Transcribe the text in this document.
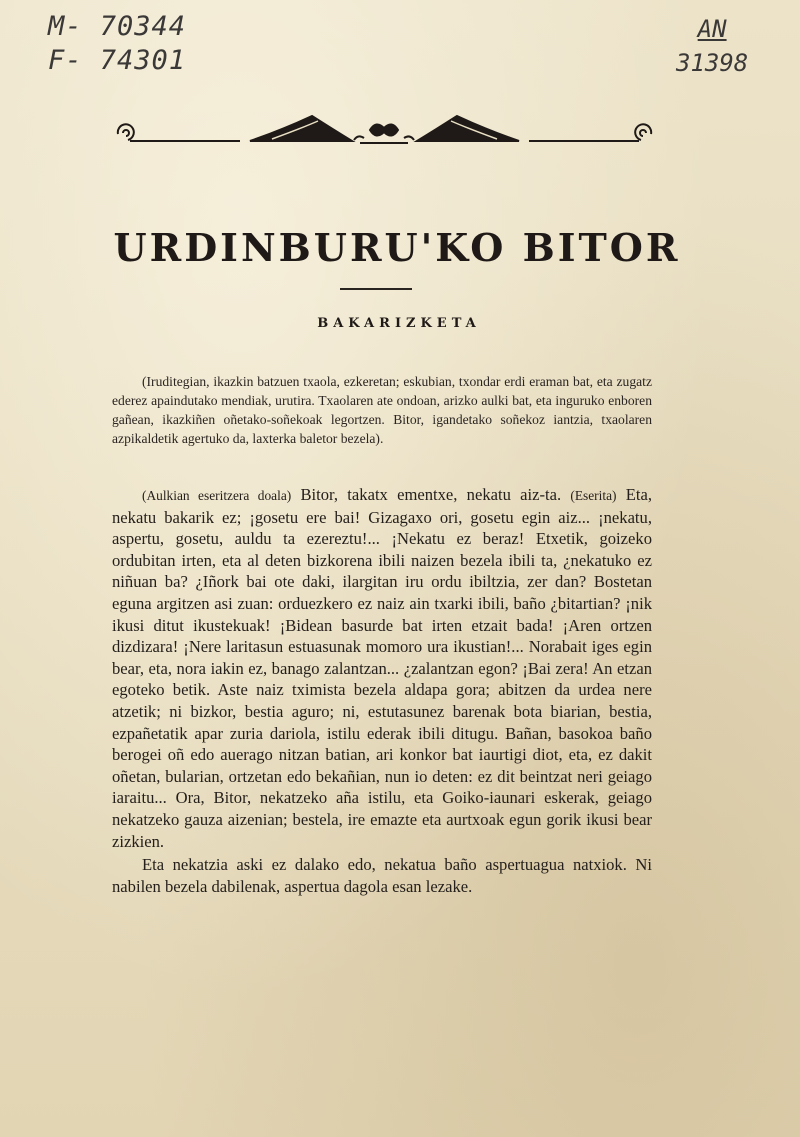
M- 70344
F- 74301
AN
31398
URDINBURU'KO BITOR
BAKARIZKETA

(Iruditegian, ikazkin batzuen txaola, ezkeretan; eskubian, txondar erdi eraman bat, eta zugatz ederez apaindutako mendiak, urutira. Txaolaren ate ondoan, arizko aulki bat, eta inguruko enboren gañean, ikazkiñen oñetako-soñekoak legortzen. Bitor, igandetako soñekoz iantzia, txaolaren azpikaldetik agertuko da, laxterka baletor bezela).

(Aulkian eseritzera doala) Bitor, takatx ementxe, nekatu aiz-ta. (Eserita) Eta, nekatu bakarik ez; ¡gosetu ere bai! Gizagaxo ori, gosetu egin aiz... ¡nekatu, aspertu, gosetu, auldu ta ezereztu!... ¡Nekatu ez beraz! Etxetik, goizeko ordubitan irten, eta al deten bizkorena ibili naizen bezela ibili ta, ¿nekatuko ez niñuan ba? ¿Iñork bai ote daki, ilargitan iru ordu ibiltzia, zer dan? Bostetan eguna argitzen asi zuan: orduezkero ez naiz ain txarki ibili, baño ¿bitartian? ¡nik ikusi ditut ikustekuak! ¡Bidean basurde bat irten etzait bada! ¡Aren ortzen dizdizara! ¡Nere laritasun estuasunak momoro ura ikustian!... Norabait iges egin bear, eta, nora iakin ez, banago zalantzan... ¿zalantzan egon? ¡Bai zera! An etzan egoteko betik. Aste naiz tximista bezela aldapa gora; abitzen da urdea nere atzetik; ni bizkor, bestia aguro; ni, estutasunez barenak bota biarian, bestia, ezpañetatik apar zuria dariola, istilu ederak ibili ditugu. Bañan, basokoa baño berogei oñ edo auerago nitzan batian, ari konkor bat iaurtigi diot, eta, ez dakit oñetan, bularian, ortzetan edo bekañian, nun io deten: ez dit beintzat neri geiago iaraitu... Ora, Bitor, nekatzeko aña istilu, eta Goiko-iaunari eskerak, geiago nekatzeko gauza aizenian; bestela, ire emazte eta aurtxoak egun gorik ikusi bear zizkien.

Eta nekatzia aski ez dalako edo, nekatua baño aspertuagua natxiok. Ni nabilen bezela dabilenak, aspertua dagola esan lezake.
